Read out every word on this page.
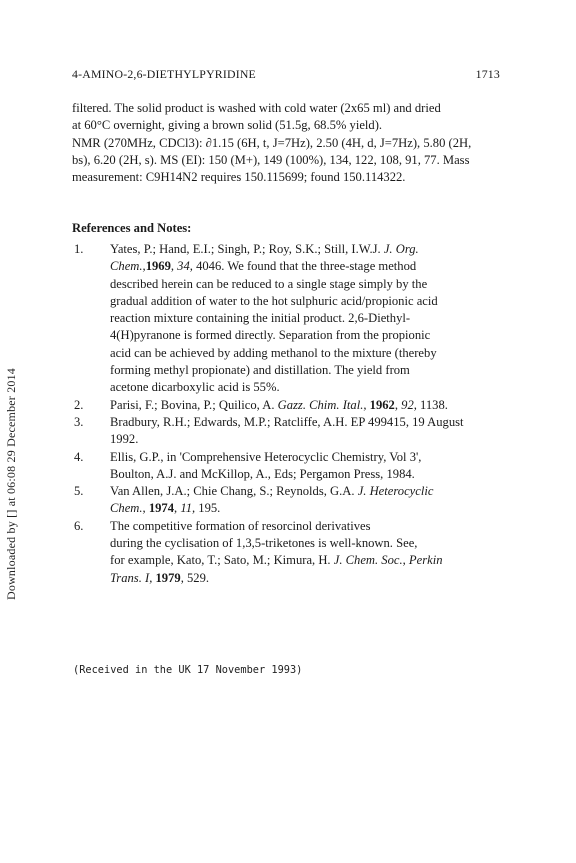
Downloaded by [] at 06:08 29 December 2014
4-AMINO-2,6-DIETHYLPYRIDINE	1713
filtered. The solid product is washed with cold water (2x65 ml) and dried
at 60°C overnight, giving a brown solid (51.5g, 68.5% yield).
NMR (270MHz, CDCl3): ∂1.15 (6H, t, J=7Hz), 2.50 (4H, d, J=7Hz), 5.80 (2H,
bs), 6.20 (2H, s). MS (EI): 150 (M+), 149 (100%), 134, 122, 108, 91, 77. Mass
measurement: C9H14N2 requires 150.115699; found 150.114322.
References and Notes:
1. Yates, P.; Hand, E.I.; Singh, P.; Roy, S.K.; Still, I.W.J. J. Org.
Chem.,1969, 34, 4046. We found that the three-stage method
described herein can be reduced to a single stage simply by the
gradual addition of water to the hot sulphuric acid/propionic acid
reaction mixture containing the initial product. 2,6-Diethyl-
4(H)pyranone is formed directly. Separation from the propionic
acid can be achieved by adding methanol to the mixture (thereby
forming methyl propionate) and distillation. The yield from
acetone dicarboxylic acid is 55%.
2. Parisi, F.; Bovina, P.; Quilico, A. Gazz. Chim. Ital., 1962, 92, 1138.
3. Bradbury, R.H.; Edwards, M.P.; Ratcliffe, A.H. EP 499415, 19 August
1992.
4. Ellis, G.P., in 'Comprehensive Heterocyclic Chemistry, Vol 3',
Boulton, A.J. and McKillop, A., Eds; Pergamon Press, 1984.
5. Van Allen, J.A.; Chie Chang, S.; Reynolds, G.A. J. Heterocyclic
Chem., 1974, 11, 195.
6. The competitive formation of resorcinol derivatives
during the cyclisation of 1,3,5-triketones is well-known. See,
for example, Kato, T.; Sato, M.; Kimura, H. J. Chem. Soc., Perkin
Trans. I, 1979, 529.
(Received in the UK 17 November 1993)
